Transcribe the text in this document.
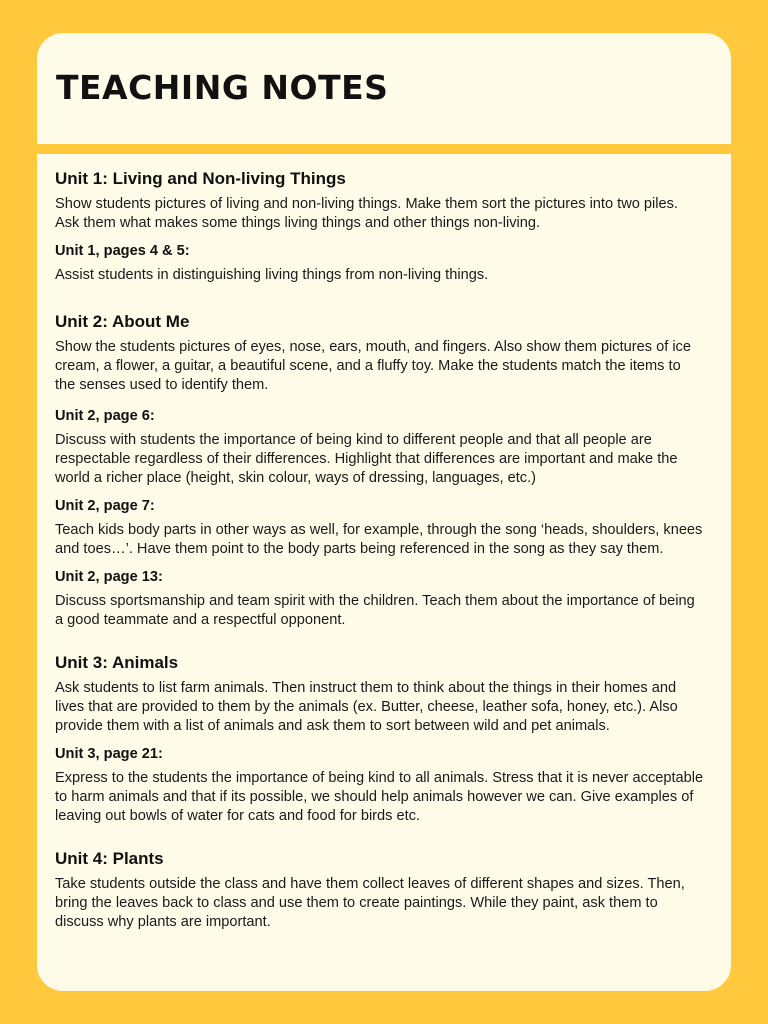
TEACHING NOTES
Unit 1: Living and Non-living Things

Show students pictures of living and non-living things. Make them sort the pictures into two piles. Ask them what makes some things living things and other things non-living.

Unit 1, pages 4 & 5:

Assist students in distinguishing living things from non-living things.

Unit 2: About Me

Show the students pictures of eyes, nose, ears, mouth, and fingers. Also show them pictures of ice cream, a flower, a guitar, a beautiful scene, and a fluffy toy. Make the students match the items to the senses used to identify them.

Unit 2, page 6:

Discuss with students the importance of being kind to different people and that all people are respectable regardless of their differences. Highlight that differences are important and make the world a richer place (height, skin colour, ways of dressing, languages, etc.)

Unit 2, page 7:

Teach kids body parts in other ways as well, for example, through the song ‘heads, shoulders, knees and toes…’. Have them point to the body parts being referenced in the song as they say them.

Unit 2, page 13:

Discuss sportsmanship and team spirit with the children. Teach them about the importance of being a good teammate and a respectful opponent.

Unit 3: Animals

Ask students to list farm animals. Then instruct them to think about the things in their homes and lives that are provided to them by the animals (ex. Butter, cheese, leather sofa, honey, etc.). Also provide them with a list of animals and ask them to sort between wild and pet animals.

Unit 3, page 21:

Express to the students the importance of being kind to all animals. Stress that it is never acceptable to harm animals and that if its possible, we should help animals however we can. Give examples of leaving out bowls of water for cats and food for birds etc.

Unit 4: Plants

Take students outside the class and have them collect leaves of different shapes and sizes. Then, bring the leaves back to class and use them to create paintings. While they paint, ask them to discuss why plants are important.
